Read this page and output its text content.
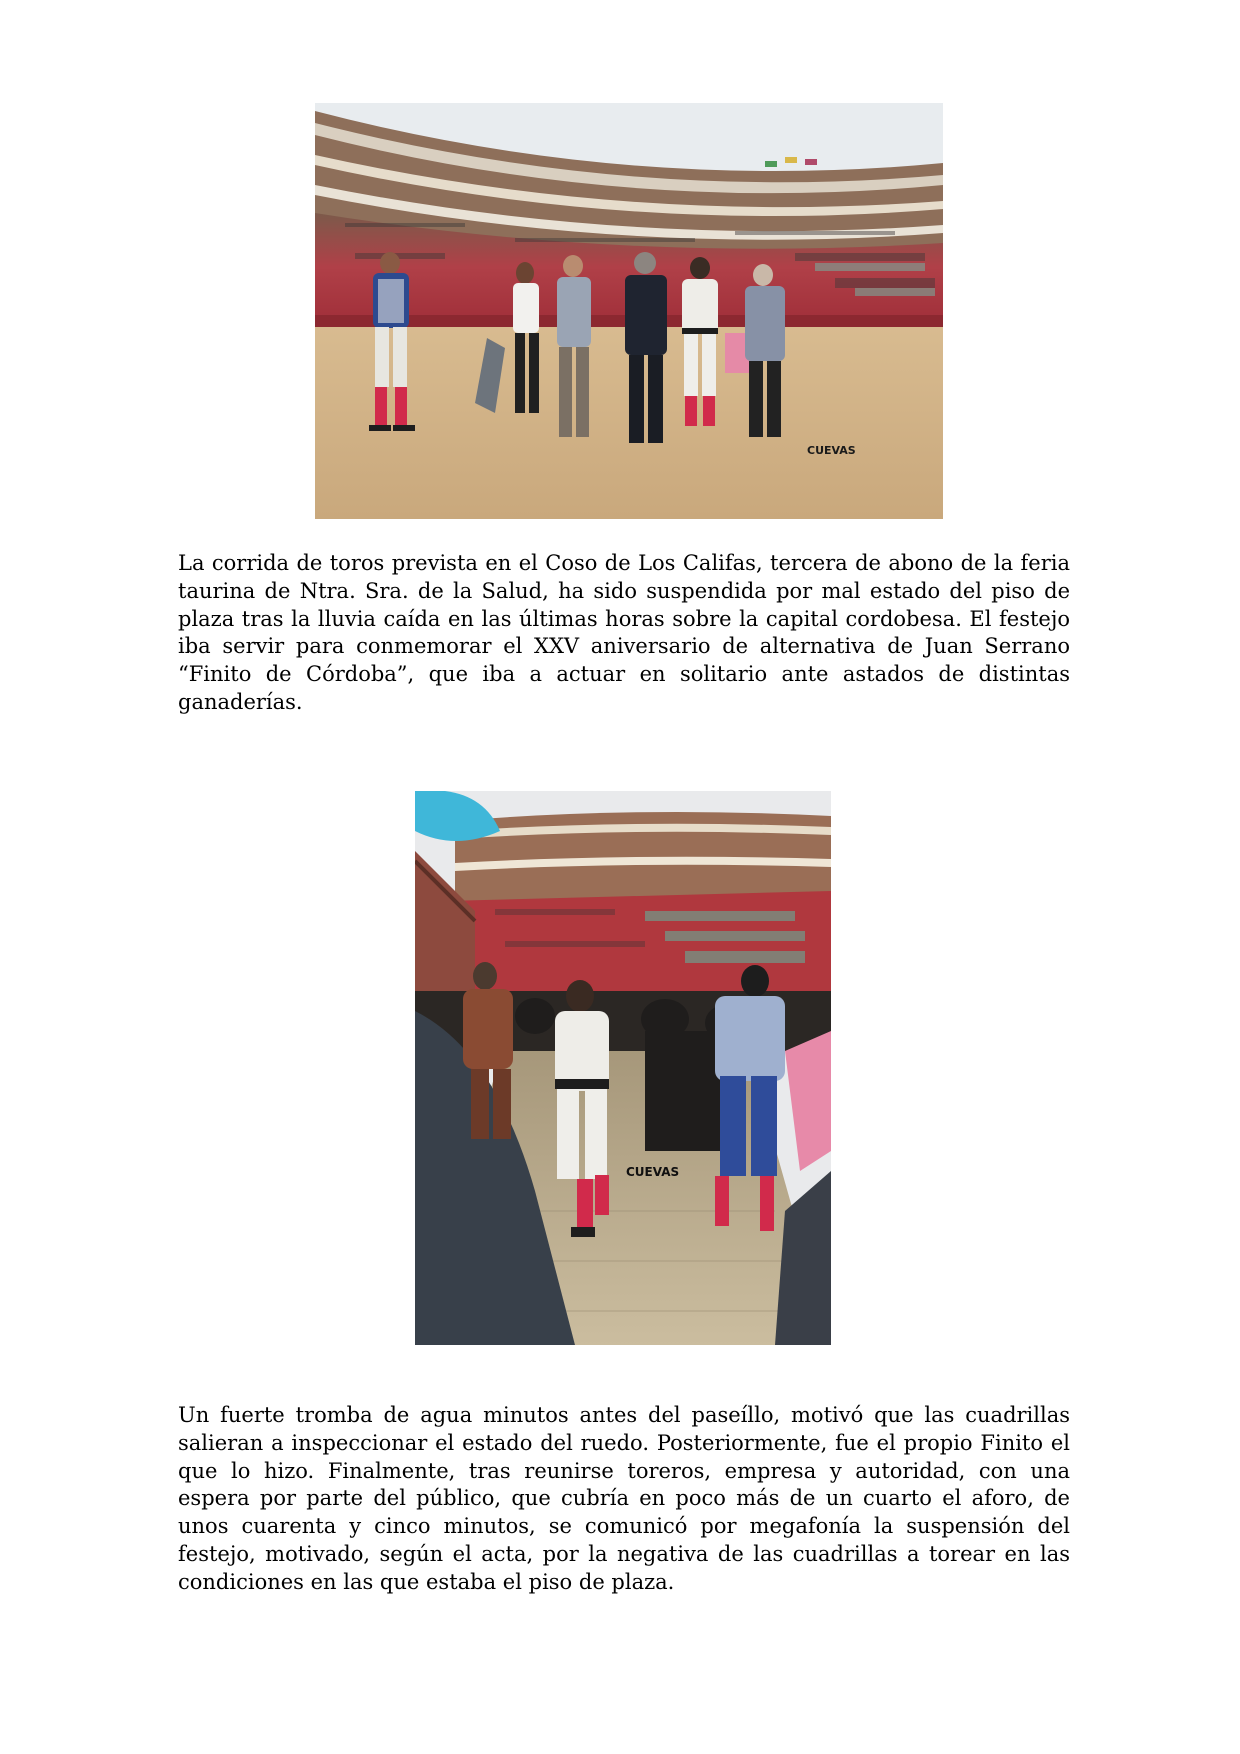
CUEVAS

La corrida de toros prevista en el Coso de Los Califas, tercera de abono de la feria taurina de Ntra. Sra. de la Salud, ha sido suspendida por mal estado del piso de plaza tras la lluvia caída en las últimas horas sobre la capital cordobesa. El festejo iba servir para conmemorar el XXV aniversario de alternativa de Juan Serrano “Finito de Córdoba”, que iba a actuar en solitario ante astados de distintas ganaderías.

CUEVAS

Un fuerte tromba de agua minutos antes del paseíllo, motivó que las cuadrillas salieran a inspeccionar el estado del ruedo. Posteriormente, fue el propio Finito el que lo hizo. Finalmente, tras reunirse toreros, empresa y autoridad, con una espera por parte del público, que cubría en poco más de un cuarto el aforo, de unos cuarenta y cinco minutos, se comunicó por megafonía la suspensión del festejo, motivado, según el acta, por la negativa de las cuadrillas a torear en las condiciones en las que estaba el piso de plaza.
